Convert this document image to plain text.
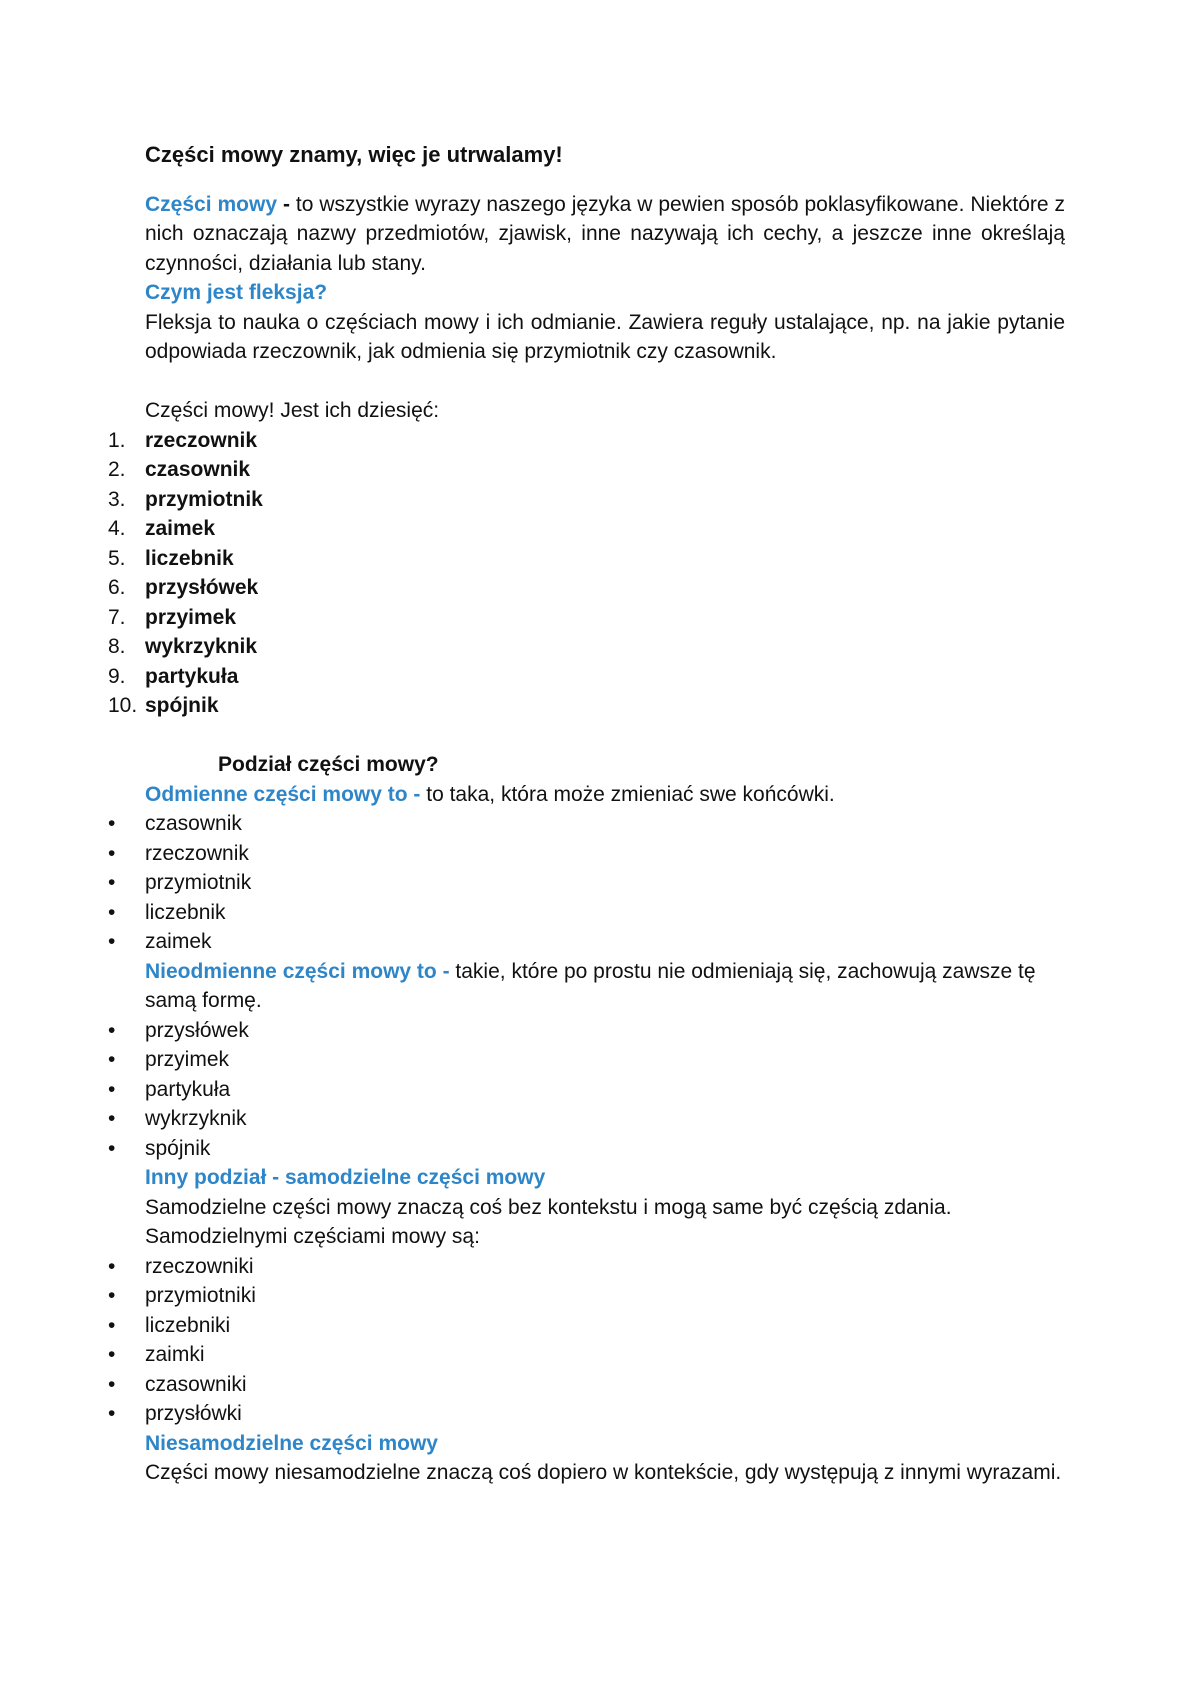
Części mowy znamy, więc je utrwalamy!
Części mowy - to wszystkie wyrazy naszego języka w pewien sposób poklasyfikowane. Niektóre z nich oznaczają nazwy przedmiotów, zjawisk, inne nazywają ich cechy, a jeszcze inne określają czynności, działania lub stany.
Czym jest fleksja?
Fleksja to nauka o częściach mowy i ich odmianie. Zawiera reguły ustalające, np. na jakie pytanie odpowiada rzeczownik, jak odmienia się przymiotnik czy czasownik.
Części mowy! Jest ich dziesięć:
1. rzeczownik
2. czasownik
3. przymiotnik
4. zaimek
5. liczebnik
6. przysłówek
7. przyimek
8. wykrzyknik
9. partykuła
10. spójnik
Podział części mowy?
Odmienne części mowy to - to taka, która może zmieniać swe końcówki.
• czasownik
• rzeczownik
• przymiotnik
• liczebnik
• zaimek
Nieodmienne części mowy to - takie, które po prostu nie odmieniają się, zachowują zawsze tę samą formę.
• przysłówek
• przyimek
• partykuła
• wykrzyknik
• spójnik
Inny podział - samodzielne części mowy
Samodzielne części mowy znaczą coś bez kontekstu i mogą same być częścią zdania.
Samodzielnymi częściami mowy są:
• rzeczowniki
• przymiotniki
• liczebniki
• zaimki
• czasowniki
• przysłówki
Niesamodzielne części mowy
Części mowy niesamodzielne znaczą coś dopiero w kontekście, gdy występują z innymi wyrazami.
